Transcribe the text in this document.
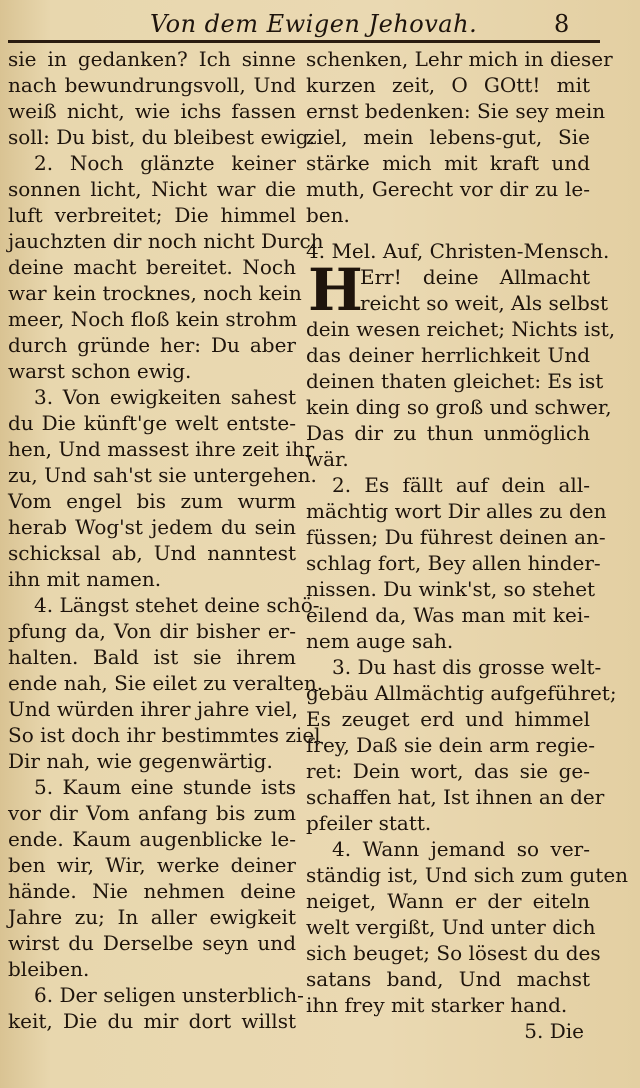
Von dem Ewigen Jehovah.	8
sie in gedanken? Ich sinne
nach bewundrungsvoll, Und
weiß nicht, wie ichs fassen
soll: Du bist, du bleibest ewig.
2. Noch glänzte keiner
sonnen licht, Nicht war die
luft verbreitet; Die himmel
jauchzten dir noch nicht Durch
deine macht bereitet. Noch
war kein trocknes, noch kein
meer, Noch floß kein strohm
durch gründe her: Du aber
warst schon ewig.
3. Von ewigkeiten sahest
du Die künft'ge welt entste-
hen, Und massest ihre zeit ihr
zu, Und sah'st sie untergehen.
Vom engel bis zum wurm
herab Wog'st jedem du sein
schicksal ab, Und nanntest
ihn mit namen.
4. Längst stehet deine schö-
pfung da, Von dir bisher er-
halten. Bald ist sie ihrem
ende nah, Sie eilet zu veralten.
Und würden ihrer jahre viel,
So ist doch ihr bestimmtes ziel
Dir nah, wie gegenwärtig.
5. Kaum eine stunde ists
vor dir Vom anfang bis zum
ende. Kaum augenblicke le-
ben wir, Wir, werke deiner
hände. Nie nehmen deine
Jahre zu; In aller ewigkeit
wirst du Derselbe seyn und
bleiben.
6. Der seligen unsterblich-
keit, Die du mir dort willst
schenken, Lehr mich in dieser
kurzen zeit, O GOtt! mit
ernst bedenken: Sie sey mein
ziel, mein lebens-gut, Sie
stärke mich mit kraft und
muth, Gerecht vor dir zu le-
ben.
4. Mel. Auf, Christen-Mensch.
H
Err! deine Allmacht
reicht so weit, Als selbst
dein wesen reichet; Nichts ist,
das deiner herrlichkeit Und
deinen thaten gleichet: Es ist
kein ding so groß und schwer,
Das dir zu thun unmöglich
wär.
2. Es fällt auf dein all-
mächtig wort Dir alles zu den
füssen; Du führest deinen an-
schlag fort, Bey allen hinder-
nissen. Du wink'st, so stehet
eilend da, Was man mit kei-
nem auge sah.
3. Du hast dis grosse welt-
gebäu Allmächtig aufgeführet;
Es zeuget erd und himmel
frey, Daß sie dein arm regie-
ret: Dein wort, das sie ge-
schaffen hat, Ist ihnen an der
pfeiler statt.
4. Wann jemand so ver-
ständig ist, Und sich zum guten
neiget, Wann er der eiteln
welt vergißt, Und unter dich
sich beuget; So lösest du des
satans band, Und machst
ihn frey mit starker hand.
5. Die
